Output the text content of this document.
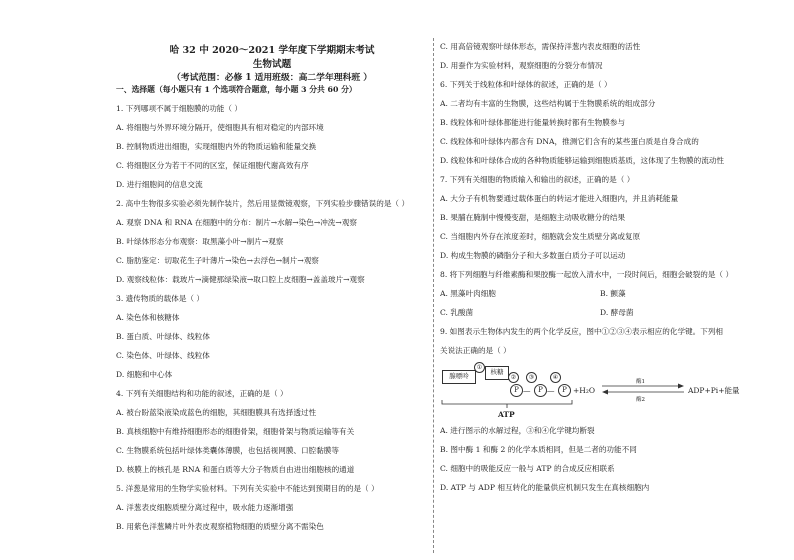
哈 32 中 2020～2021 学年度下学期期末考试
生物试题
（考试范围：必修 1 适用班级：高二学年理科班 ）
一、选择题（每小题只有 1 个选项符合题意，每小题 3 分共 60 分）
1. 下列哪项不属于细胞膜的功能（ ）
A. 将细胞与外界环境分隔开，使细胞具有相对稳定的内部环境
B. 控制物质进出细胞，实现细胞内外的物质运输和能量交换
C. 将细胞区分为若干不同的区室，保证细胞代谢高效有序
D. 进行细胞间的信息交流
2. 高中生物很多实验必须先制作装片，然后用显微镜观察，下列实验步骤错误的是（ ）
A. 观察 DNA 和 RNA 在细胞中的分布：制片→水解→染色→冲洗→观察
B. 叶绿体形态分布观察：取黑藻小叶→制片→观察
C. 脂肪鉴定：切取花生子叶薄片→染色→去浮色→制片→观察
D. 观察线粒体：载玻片→滴健那绿染液→取口腔上皮细胞→盖盖玻片→观察
3. 遗传物质的载体是（ ）
A. 染色体和核糖体
B. 蛋白质、叶绿体、线粒体
C. 染色体、叶绿体、线粒体
D. 细胞和中心体
4. 下列有关细胞结构和功能的叙述，正确的是（ ）
A. 被台盼蓝染液染成蓝色的细胞，其细胞膜具有选择透过性
B. 真核细胞中有维持细胞形态的细胞骨架，细胞骨架与物质运输等有关
C. 生物膜系统包括叶绿体类囊体薄膜，也包括视网膜、口腔黏膜等
D. 核膜上的核孔是 RNA 和蛋白质等大分子物质自由进出细胞核的通道
5. 洋葱是常用的生物学实验材料。下列有关实验中不能达到预期目的的是（ ）
A. 洋葱表皮细胞质壁分离过程中，吸水能力逐渐增强
B. 用紫色洋葱鳞片叶外表皮观察植物细胞的质壁分离不需染色
C. 用高倍镜观察叶绿体形态，需保持洋葱内表皮细胞的活性
D. 用蚕作为实验材料，观察细胞的分裂分布情况
6. 下列关于线粒体和叶绿体的叙述，正确的是（ ）
A. 二者均有丰富的生物膜，这些结构属于生物膜系统的组成部分
B. 线粒体和叶绿体都能进行能量转换时都有生物膜参与
C. 线粒体和叶绿体内都含有 DNA，推测它们含有的某些蛋白质是自身合成的
D. 线粒体和叶绿体合成的各种物质能够运输到细胞质基质，这体现了生物膜的流动性
7. 下列有关细胞的物质输入和输出的叙述，正确的是（ ）
A. 大分子有机物要通过载体蛋白的转运才能进入细胞内，并且消耗能量
B. 果脯在腌制中慢慢变甜，是细胞主动吸收糖分的结果
C. 当细胞内外存在浓度差时，细胞就会发生质壁分离或复原
D. 构成生物膜的磷脂分子和大多数蛋白质分子可以运动
8. 将下列细胞与纤维素酶和果胶酶一起放入清水中，一段时间后，细胞会破裂的是（ ）
A. 黑藻叶肉细胞	B. 颤藻
C. 乳酸菌	D. 酵母菌
9. 如图表示生物体内发生的两个化学反应，图中①②③④表示相应的化学键。下列相
关说法正确的是（ ）
腺嘌呤
①
核糖
②
P —
③
P —
④
P +H₂O
酶1
酶2
ADP+Pi+能量
ATP
A. 进行图示的水解过程，③和④化学键均断裂
B. 图中酶 1 和酶 2 的化学本质相同，但是二者的功能不同
C. 细胞中的吸能反应一般与 ATP 的合成反应相联系
D. ATP 与 ADP 相互转化的能量供应机制只发生在真核细胞内
